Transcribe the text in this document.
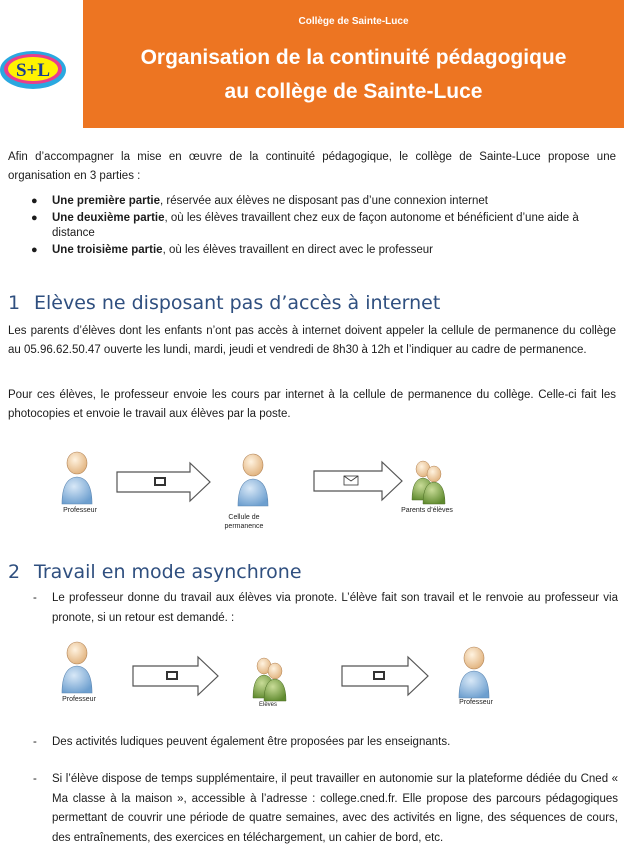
S+L
Collège de Sainte-Luce
Organisation de la continuité pédagogique
au collège de Sainte-Luce
Afin d’accompagner la mise en œuvre de la continuité pédagogique, le collège de Sainte-Luce propose une organisation en 3 parties :
● Une première partie, réservée aux élèves ne disposant pas d’une connexion internet
● Une deuxième partie, où les élèves travaillent chez eux de façon autonome et bénéficient d’une aide à distance
● Une troisième partie, où les élèves travaillent en direct avec le professeur
1 Elèves ne disposant pas d’accès à internet
Les parents d’élèves dont les enfants n’ont pas accès à internet doivent appeler la cellule de permanence du collège au 05.96.62.50.47 ouverte les lundi, mardi, jeudi et vendredi de 8h30 à 12h et l’indiquer au cadre de permanence.
Pour ces élèves, le professeur envoie les cours par internet à la cellule de permanence du collège. Celle-ci fait les photocopies et envoie le travail aux élèves par la poste.
Professeur
Cellule de permanence
Parents d’élèves
2 Travail en mode asynchrone
- Le professeur donne du travail aux élèves via pronote. L’élève fait son travail et le renvoie au professeur via pronote, si un retour est demandé. :
Professeur
Elèves	Professeur
- Des activités ludiques peuvent également être proposées par les enseignants.
- Si l’élève dispose de temps supplémentaire, il peut travailler en autonomie sur la plateforme dédiée du Cned « Ma classe à la maison », accessible à l’adresse : college.cned.fr. Elle propose des parcours pédagogiques permettant de couvrir une période de quatre semaines, avec des activités en ligne, des séquences de cours, des entraînements, des exercices en téléchargement, un cahier de bord, etc.
